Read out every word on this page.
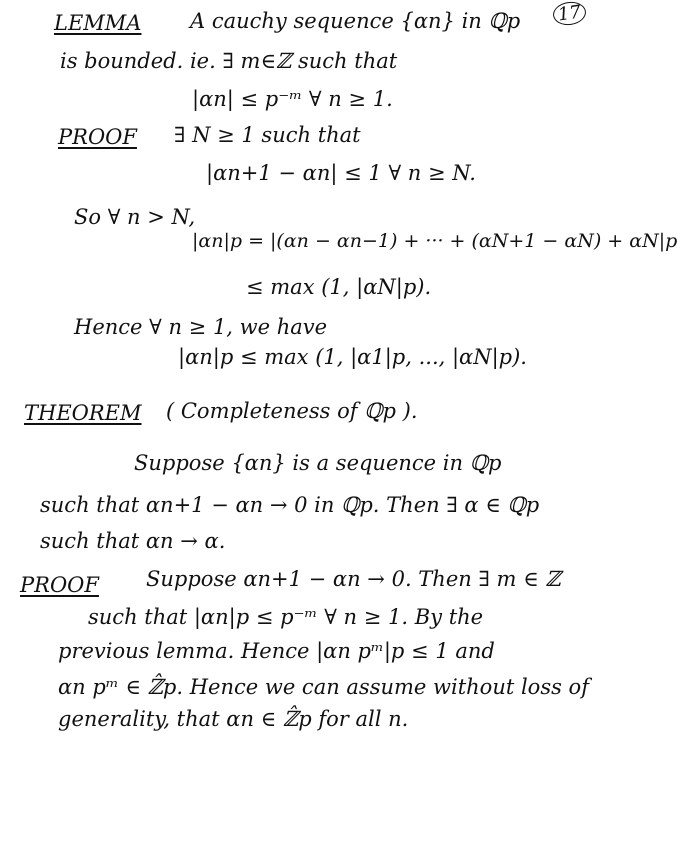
17
LEMMA A cauchy sequence {αn} in ℚp
is bounded. ie. ∃ m∈ℤ such that
|αn| ≤ p⁻ᵐ ∀ n ≥ 1.
PROOF ∃ N ≥ 1 such that
|αn+1 − αn| ≤ 1 ∀ n ≥ N.
So ∀ n > N,
|αn|p = |(αn − αn−1) + ··· + (αN+1 − αN) + αN|p
≤ max (1, |αN|p).
Hence ∀ n ≥ 1, we have
|αn|p ≤ max (1, |α1|p, ..., |αN|p).
THEOREM ( Completeness of ℚp ).
Suppose {αn} is a sequence in ℚp
such that αn+1 − αn → 0 in ℚp. Then ∃ α ∈ ℚp
such that αn → α.
PROOF Suppose αn+1 − αn → 0. Then ∃ m ∈ ℤ
such that |αn|p ≤ p⁻ᵐ ∀ n ≥ 1. By the
previous lemma. Hence |αn pᵐ|p ≤ 1 and
αn pᵐ ∈ ℤ̂p. Hence we can assume without loss of
generality, that αn ∈ ℤ̂p for all n.
